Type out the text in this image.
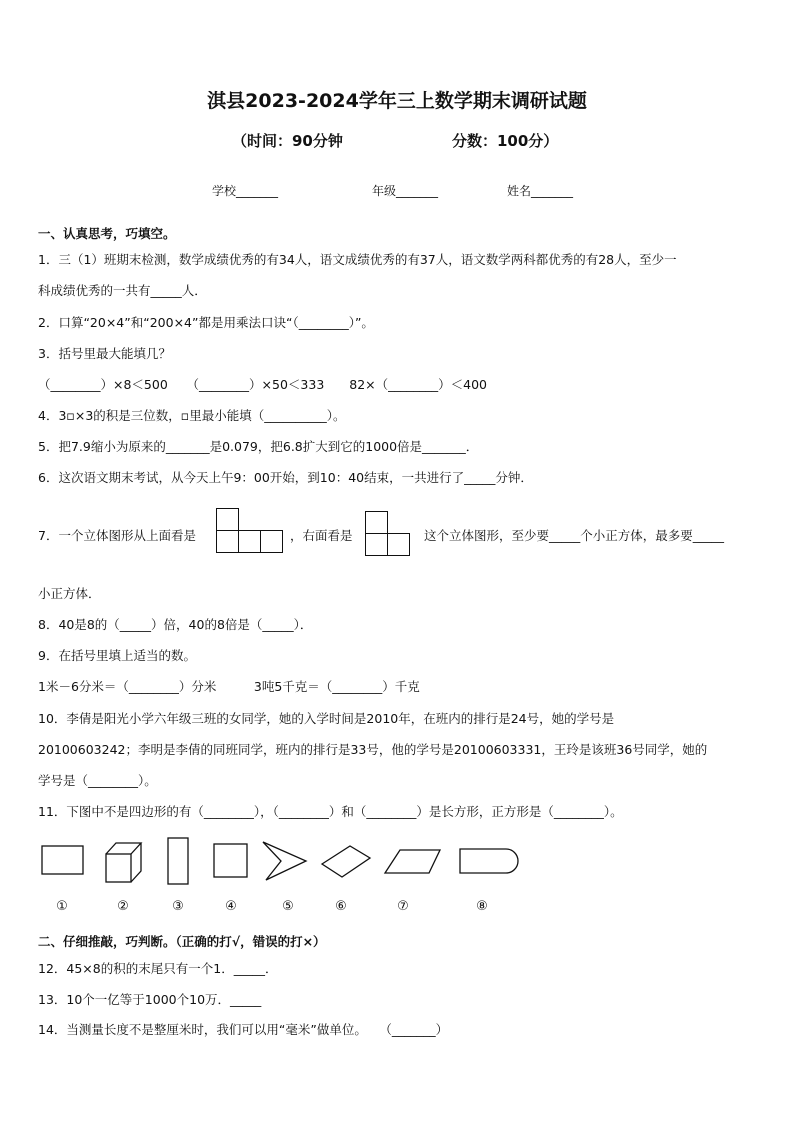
淇县2023-2024学年三上数学期末调研试题
（时间：90分钟	分数：100分）
学校_______	年级_______	姓名_______
一、认真思考，巧填空。
1．三（1）班期末检测，数学成绩优秀的有34人，语文成绩优秀的有37人，语文数学两科都优秀的有28人，至少一
科成绩优秀的一共有_____人．
2．口算“20×4”和“200×4”都是用乘法口诀“（________）”。
3．括号里最大能填几？
（________）×8＜500　　（________）×50＜333　　82×（________）＜400
4．3▫×3的积是三位数，▫里最小能填（__________）。
5．把7.9缩小为原来的_______是0.079，把6.8扩大到它的1000倍是_______．
6．这次语文期末考试，从今天上午9：00开始，到10：40结束，一共进行了_____分钟．
7．一个立体图形从上面看是	，右面看是	这个立体图形，至少要_____个小正方体，最多要_____
小正方体．
8．40是8的（_____）倍，40的8倍是（_____）．
9．在括号里填上适当的数。
1米－6分米＝（________）分米　　　3吨5千克＝（________）千克
10．李倩是阳光小学六年级三班的女同学，她的入学时间是2010年，在班内的排行是24号，她的学号是
20100603242；李明是李倩的同班同学，班内的排行是33号，他的学号是20100603331，王玲是该班36号同学，她的
学号是（________）。
11．下图中不是四边形的有（________），（________）和（________）是长方形，正方形是（________）。
①	②	③	④	⑤	⑥	⑦	⑧
二、仔细推敲，巧判断。（正确的打√，错误的打×）
12．45×8的积的末尾只有一个1．_____．
13．10个一亿等于1000个10万．_____
14．当测量长度不是整厘米时，我们可以用“毫米”做单位。　　（_______）
